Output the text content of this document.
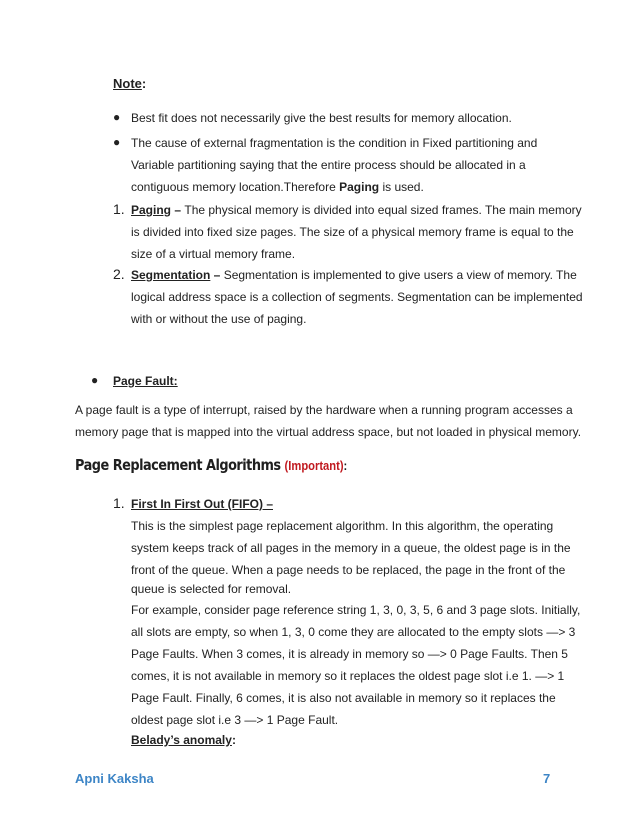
Note:
● Best fit does not necessarily give the best results for memory allocation.
● The cause of external fragmentation is the condition in Fixed partitioning and
Variable partitioning saying that the entire process should be allocated in a
contiguous memory location.Therefore Paging is used.
1. Paging – The physical memory is divided into equal sized frames. The main memory
is divided into fixed size pages. The size of a physical memory frame is equal to the
size of a virtual memory frame.
2. Segmentation – Segmentation is implemented to give users a view of memory. The
logical address space is a collection of segments. Segmentation can be implemented
with or without the use of paging.
● Page Fault:
A page fault is a type of interrupt, raised by the hardware when a running program accesses a
memory page that is mapped into the virtual address space, but not loaded in physical memory.
Page Replacement Algorithms (Important):
1. First In First Out (FIFO) –
This is the simplest page replacement algorithm. In this algorithm, the operating
system keeps track of all pages in the memory in a queue, the oldest page is in the
front of the queue. When a page needs to be replaced, the page in the front of the
queue is selected for removal.
For example, consider page reference string 1, 3, 0, 3, 5, 6 and 3 page slots. Initially,
all slots are empty, so when 1, 3, 0 come they are allocated to the empty slots —> 3
Page Faults. When 3 comes, it is already in memory so —> 0 Page Faults. Then 5
comes, it is not available in memory so it replaces the oldest page slot i.e 1. —> 1
Page Fault. Finally, 6 comes, it is also not available in memory so it replaces the
oldest page slot i.e 3 —> 1 Page Fault.
Belady’s anomaly:
Apni Kaksha	7
